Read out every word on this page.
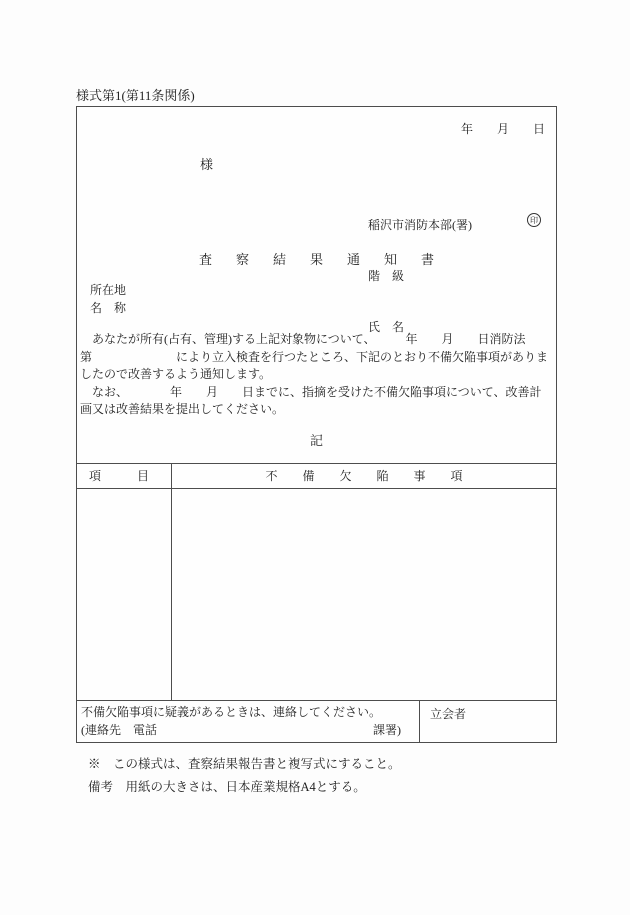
様式第1(第11条関係)
年　　月　　日
様

稲沢市消防本部(署)

階　級

氏　名

印
査察結果通知書
所在地
名　称
　あなたが所有(占有、管理)する上記対象物について、　　　年　　月　　日消防法
第　　　　　　　により立入検査を行つたところ、下記のとおり不備欠陥事項がありま
したので改善するよう通知します。
　なお、　　　　年　　月　　日までに、指摘を受けた不備欠陥事項について、改善計
画又は改善結果を提出してください。
記
項　　　目	不備欠陥事項
不備欠陥事項に疑義があるときは、連絡してください。
(連絡先　電話	課署)
立会者
※　この様式は、査察結果報告書と複写式にすること。
備考　用紙の大きさは、日本産業規格A4とする。
